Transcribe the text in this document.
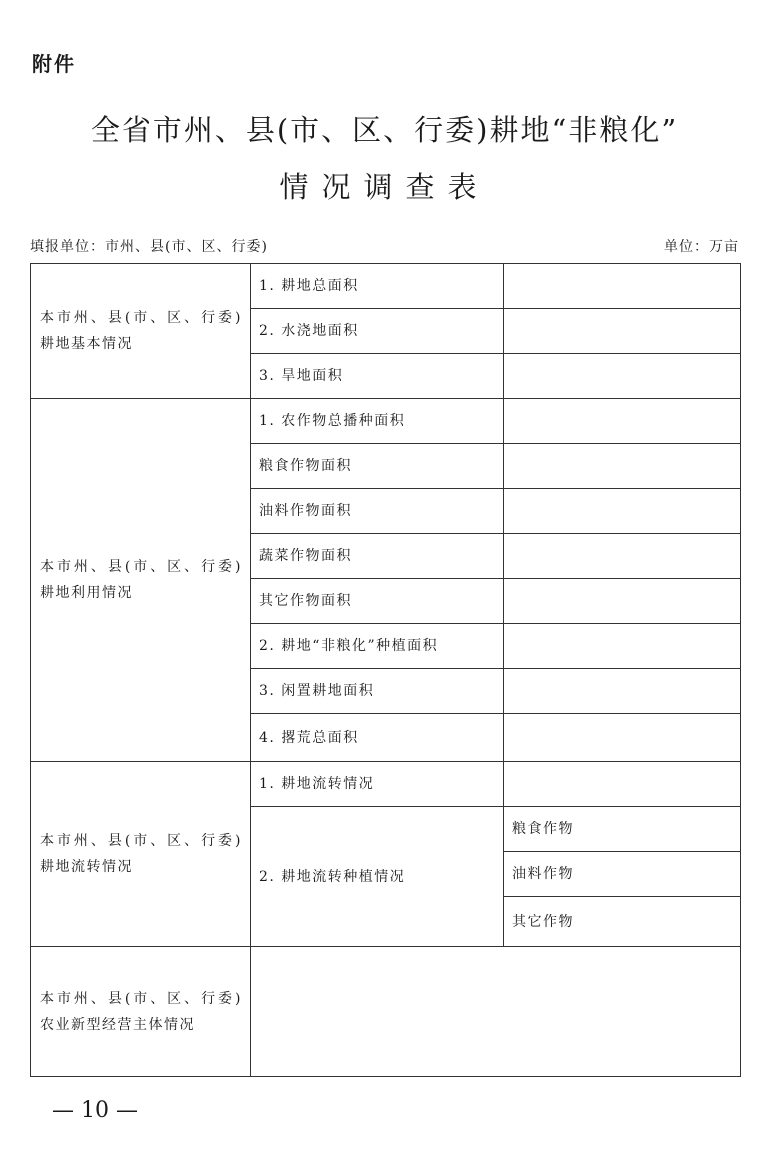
附件
全省市州、县(市、区、行委)耕地“非粮化”
情况调查表
填报单位：市州、县(市、区、行委)	单位：万亩
本市州、县(市、区、行委) 耕地基本情况	1. 耕地总面积	
	2. 水浇地面积	
	3. 旱地面积	
本市州、县(市、区、行委) 耕地利用情况	1. 农作物总播种面积	
	粮食作物面积	
	油料作物面积	
	蔬菜作物面积	
	其它作物面积	
	2. 耕地“非粮化”种植面积	
	3. 闲置耕地面积	
	4. 撂荒总面积	
本市州、县(市、区、行委) 耕地流转情况	1. 耕地流转情况	
	2. 耕地流转种植情况	粮食作物
		油料作物
		其它作物
本市州、县(市、区、行委) 农业新型经营主体情况		
— 10 —
